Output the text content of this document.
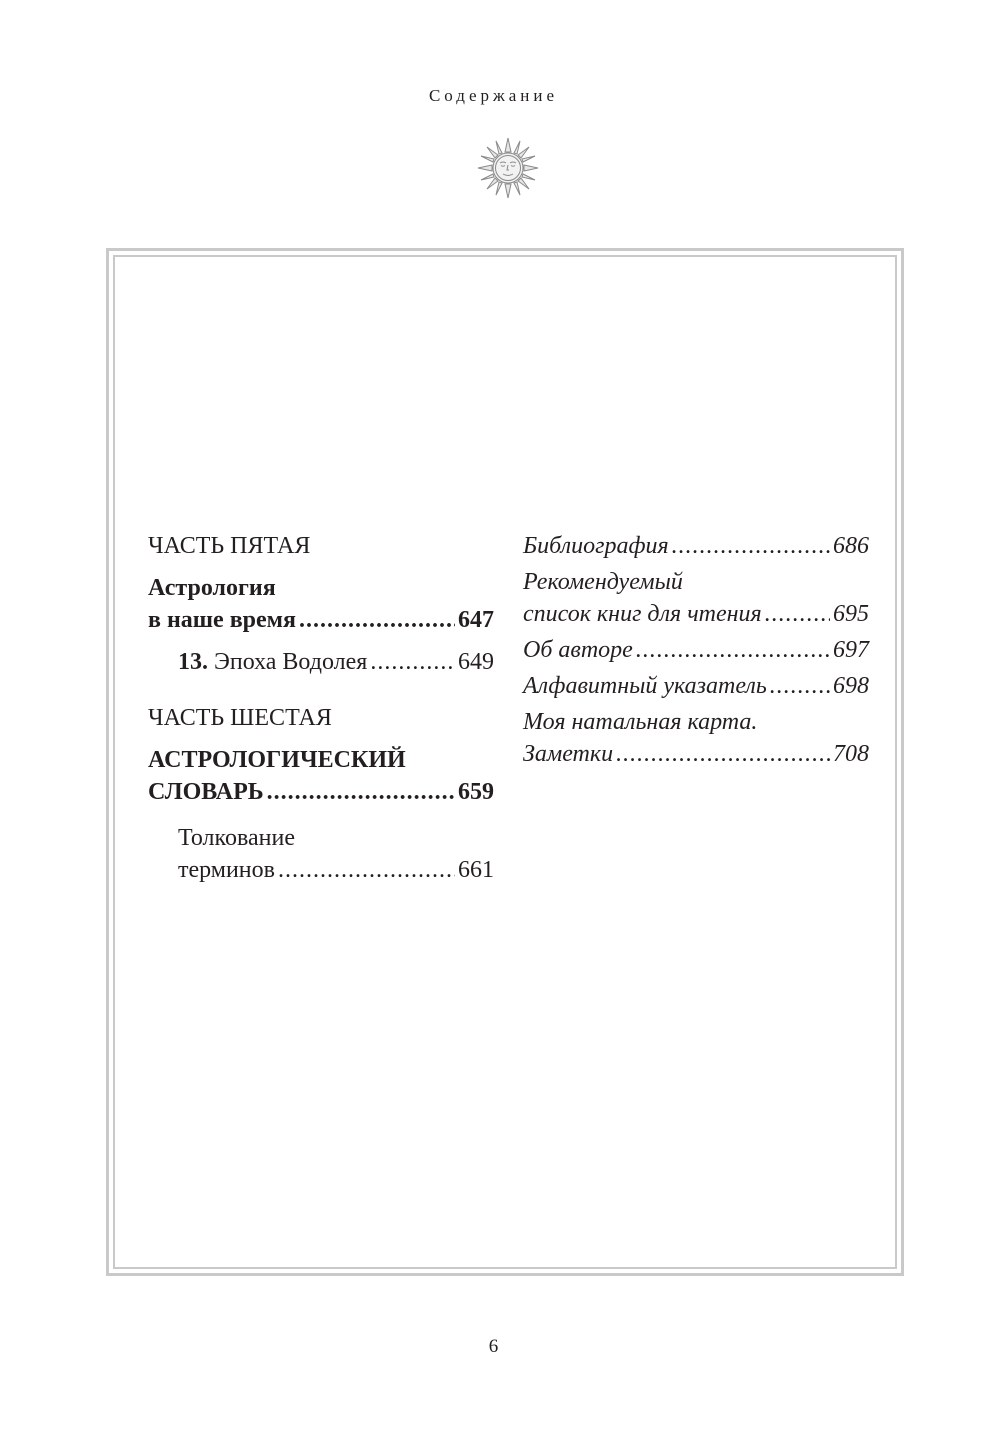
Содержание
ЧАСТЬ ПЯТАЯ
Астрология
в наше время .....	647
13. Эпоха Водолея .....	649
ЧАСТЬ ШЕСТАЯ
АСТРОЛОГИЧЕСКИЙ
СЛОВАРЬ .....	659
Толкование
терминов .....	661
Библиография .....	686
Рекомендуемый
список книг для чтения .....	695
Об авторе .....	697
Алфавитный указатель .....	698
Моя натальная карта.
Заметки .....	708
6
